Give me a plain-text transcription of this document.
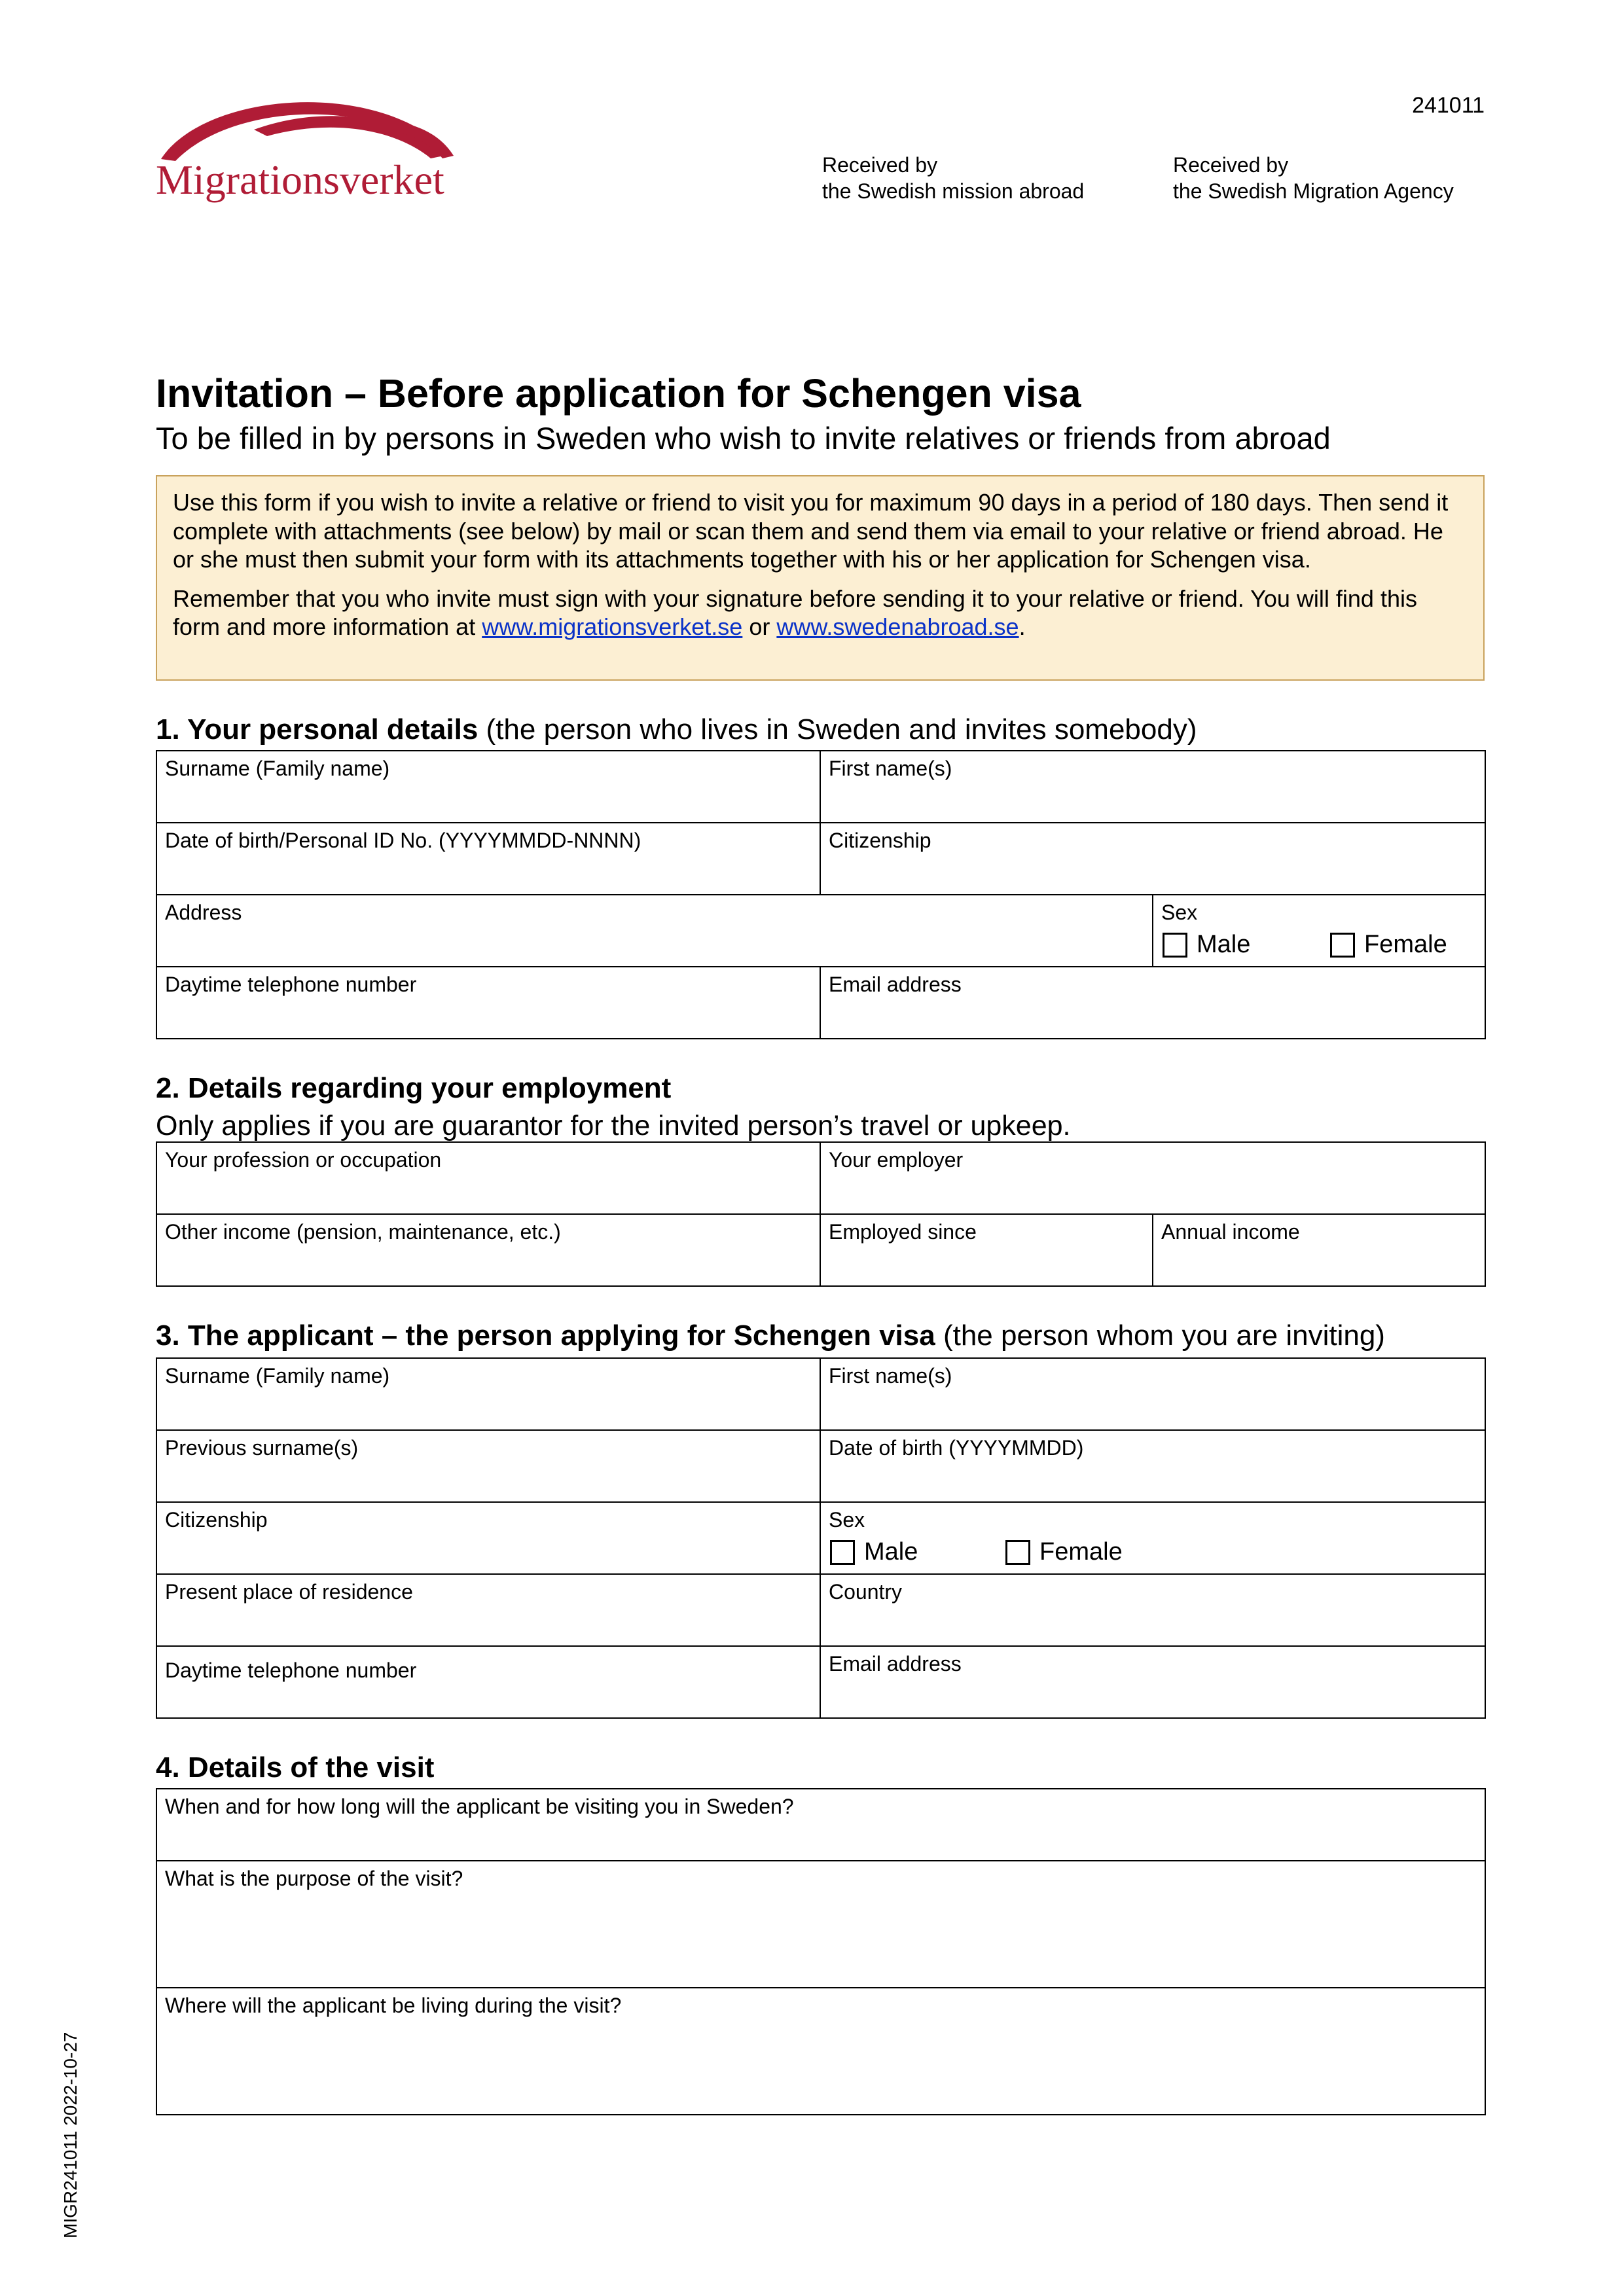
Migrationsverket
241011
Received by
the Swedish mission abroad
Received by
the Swedish Migration Agency
Invitation – Before application for Schengen visa
To be filled in by persons in Sweden who wish to invite relatives or friends from abroad

Use this form if you wish to invite a relative or friend to visit you for maximum 90 days in a period of 180 days. Then send it complete with attachments (see below) by mail or scan them and send them via email to your relative or friend abroad. He or she must then submit your form with its attachments together with his or her application for Schengen visa.

Remember that you who invite must sign with your signature before sending it to your relative or friend. You will find this form and more information at www.migrationsverket.se or www.swedenabroad.se.

1. Your personal details (the person who lives in Sweden and invites somebody)
Surname (Family name)	First name(s)
Date of birth/Personal ID No. (YYYYMMDD-NNNN)	Citizenship
Address	Sex
Male	Female
Daytime telephone number	Email address
2. Details regarding your employment
Only applies if you are guarantor for the invited person’s travel or upkeep.
Your profession or occupation	Your employer
Other income (pension, maintenance, etc.)	Employed since	Annual income
3. The applicant – the person applying for Schengen visa (the person whom you are inviting)
Surname (Family name)	First name(s)
Previous surname(s)	Date of birth (YYYYMMDD)
Citizenship	Sex
Male	Female
Present place of residence	Country
Daytime telephone number	Email address
4. Details of the visit
When and for how long will the applicant be visiting you in Sweden?
What is the purpose of the visit?
Where will the applicant be living during the visit?
MIGR241011 2022-10-27
